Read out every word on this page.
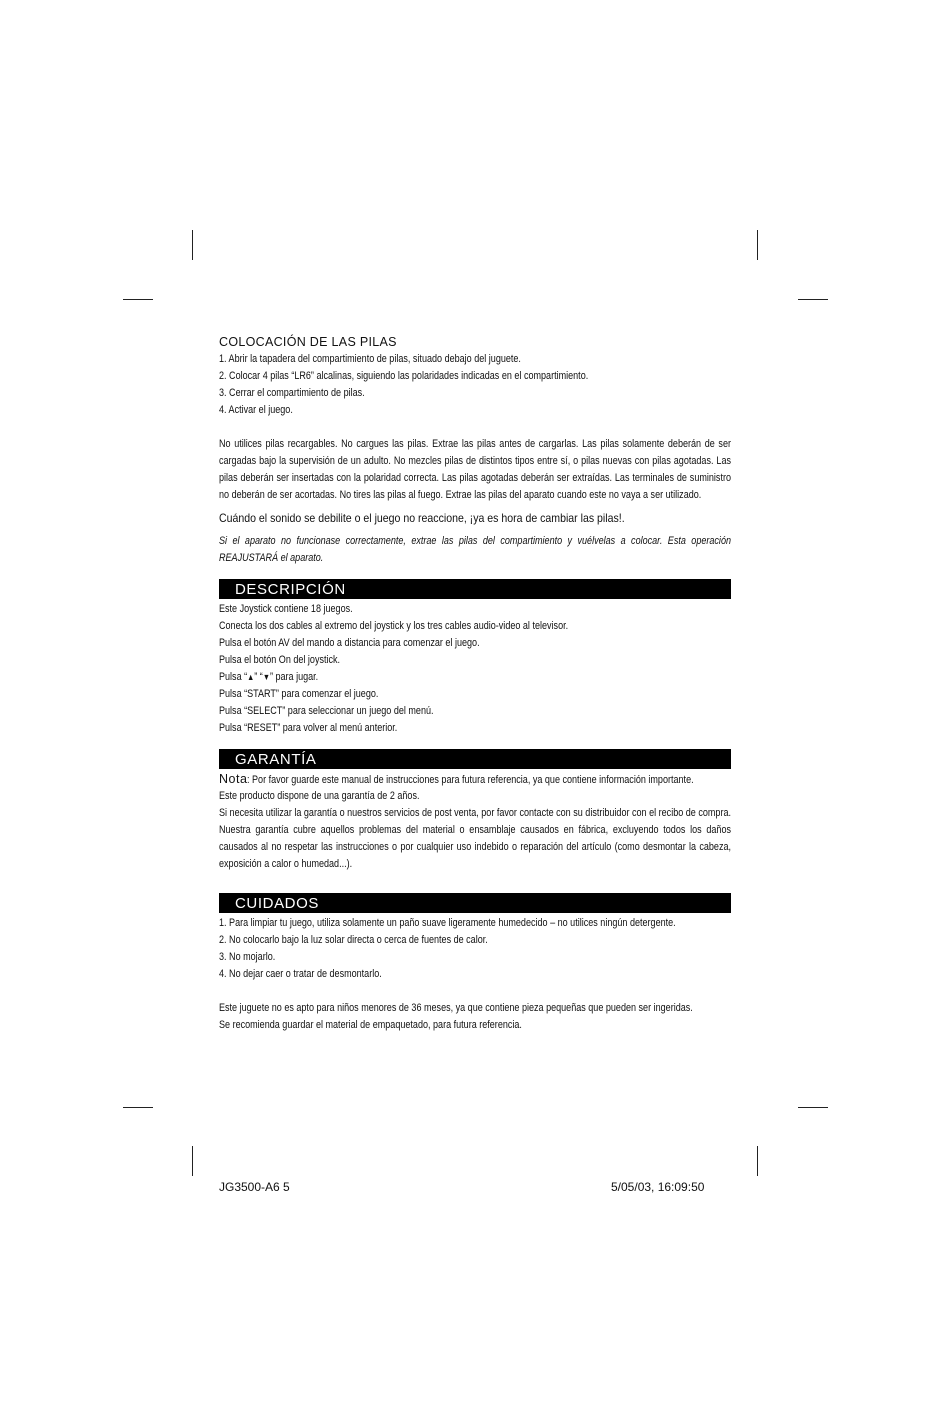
COLOCACIÓN DE LAS PILAS
1. Abrir la tapadera del compartimiento de pilas, situado debajo del juguete.
2. Colocar 4 pilas “LR6” alcalinas, siguiendo las polaridades indicadas en el compartimiento.
3. Cerrar el compartimiento de pilas.
4. Activar el juego.
No utilices pilas recargables. No cargues las pilas. Extrae las pilas antes de cargarlas. Las pilas solamente deberán de ser cargadas bajo la supervisión de un adulto. No mezcles pilas de distintos tipos entre sí, o pilas nuevas con pilas agotadas. Las pilas deberán ser insertadas con la polaridad correcta. Las pilas agotadas deberán ser extraídas. Las terminales de suministro no deberán de ser acortadas. No tires las pilas al fuego. Extrae las pilas del aparato cuando este no vaya a ser utilizado.
Cuándo el sonido se debilite o el juego no reaccione, ¡ya es hora de cambiar las pilas!.
Si el aparato no funcionase correctamente, extrae las pilas del compartimiento y vuélvelas a colocar. Esta operación REAJUSTARÁ el aparato.
DESCRIPCIÓN
Este Joystick contiene 18 juegos.
Conecta los dos cables al extremo del joystick y los tres cables audio-video al televisor.
Pulsa el botón AV del mando a distancia para comenzar el juego.
Pulsa el botón On del joystick.
Pulsa “▲” “▼” para jugar.
Pulsa “START” para comenzar el juego.
Pulsa “SELECT” para seleccionar un juego del menú.
Pulsa “RESET” para volver al menú anterior.
GARANTÍA
Nota: Por favor guarde este manual de instrucciones para futura referencia, ya que contiene información importante.
Este producto dispone de una garantía de 2 años.
Si necesita utilizar la garantía o nuestros servicios de post venta, por favor contacte con su distribuidor con el recibo de compra. Nuestra garantía cubre aquellos problemas del material o ensamblaje causados en fábrica, excluyendo todos los daños causados al no respetar las instrucciones o por cualquier uso indebido o reparación del artículo (como desmontar la cabeza, exposición a calor o humedad...).
CUIDADOS
1. Para limpiar tu juego, utiliza solamente un paño suave ligeramente humedecido – no utilices ningún detergente.
2. No colocarlo bajo la luz solar directa o cerca de fuentes de calor.
3. No mojarlo.
4. No dejar caer o tratar de desmontarlo.
Este juguete no es apto para niños menores de 36 meses, ya que contiene pieza pequeñas que pueden ser ingeridas.
Se recomienda guardar el material de empaquetado, para futura referencia.
JG3500-A6 5	5/05/03, 16:09:50
